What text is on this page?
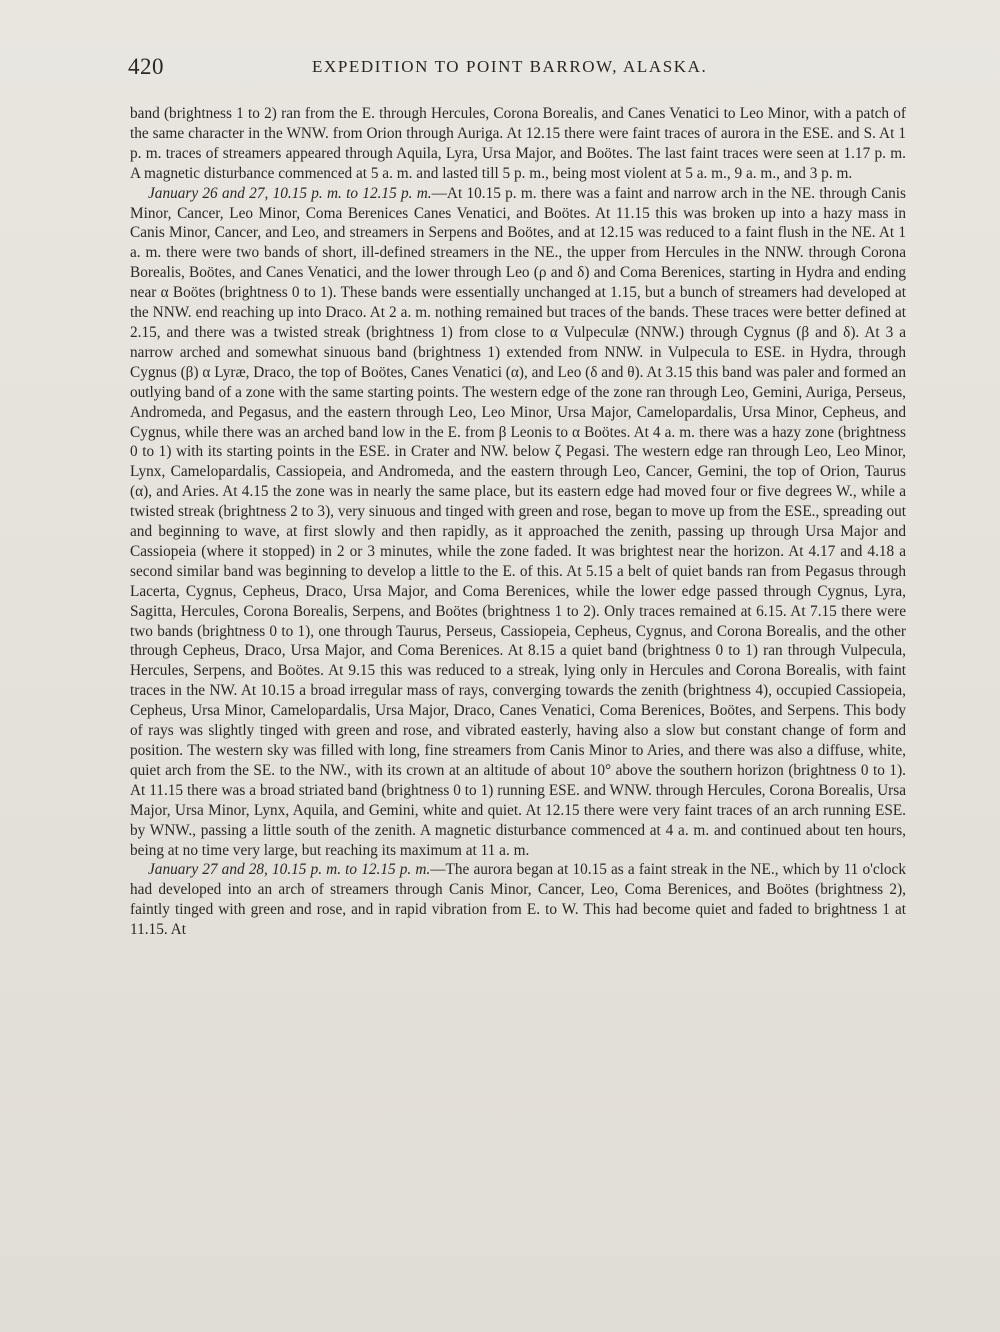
420	EXPEDITION TO POINT BARROW, ALASKA.

band (brightness 1 to 2) ran from the E. through Hercules, Corona Borealis, and Canes Venatici to Leo Minor, with a patch of the same character in the WNW. from Orion through Auriga. At 12.15 there were faint traces of aurora in the ESE. and S. At 1 p. m. traces of streamers appeared through Aquila, Lyra, Ursa Major, and Boötes. The last faint traces were seen at 1.17 p. m. A magnetic disturbance commenced at 5 a. m. and lasted till 5 p. m., being most violent at 5 a. m., 9 a. m., and 3 p. m.

January 26 and 27, 10.15 p. m. to 12.15 p. m.—At 10.15 p. m. there was a faint and narrow arch in the NE. through Canis Minor, Cancer, Leo Minor, Coma Berenices Canes Venatici, and Boötes. At 11.15 this was broken up into a hazy mass in Canis Minor, Cancer, and Leo, and streamers in Serpens and Boötes, and at 12.15 was reduced to a faint flush in the NE. At 1 a. m. there were two bands of short, ill-defined streamers in the NE., the upper from Hercules in the NNW. through Corona Borealis, Boötes, and Canes Venatici, and the lower through Leo (ρ and δ) and Coma Berenices, starting in Hydra and ending near α Boötes (brightness 0 to 1). These bands were essentially unchanged at 1.15, but a bunch of streamers had developed at the NNW. end reaching up into Draco. At 2 a. m. nothing remained but traces of the bands. These traces were better defined at 2.15, and there was a twisted streak (brightness 1) from close to α Vulpeculæ (NNW.) through Cygnus (β and δ). At 3 a narrow arched and somewhat sinuous band (brightness 1) extended from NNW. in Vulpecula to ESE. in Hydra, through Cygnus (β) α Lyræ, Draco, the top of Boötes, Canes Venatici (α), and Leo (δ and θ). At 3.15 this band was paler and formed an outlying band of a zone with the same starting points. The western edge of the zone ran through Leo, Gemini, Auriga, Perseus, Andromeda, and Pegasus, and the eastern through Leo, Leo Minor, Ursa Major, Camelopardalis, Ursa Minor, Cepheus, and Cygnus, while there was an arched band low in the E. from β Leonis to α Boötes. At 4 a. m. there was a hazy zone (brightness 0 to 1) with its starting points in the ESE. in Crater and NW. below ζ Pegasi. The western edge ran through Leo, Leo Minor, Lynx, Camelopardalis, Cassiopeia, and Andromeda, and the eastern through Leo, Cancer, Gemini, the top of Orion, Taurus (α), and Aries. At 4.15 the zone was in nearly the same place, but its eastern edge had moved four or five degrees W., while a twisted streak (brightness 2 to 3), very sinuous and tinged with green and rose, began to move up from the ESE., spreading out and beginning to wave, at first slowly and then rapidly, as it approached the zenith, passing up through Ursa Major and Cassiopeia (where it stopped) in 2 or 3 minutes, while the zone faded. It was brightest near the horizon. At 4.17 and 4.18 a second similar band was beginning to develop a little to the E. of this. At 5.15 a belt of quiet bands ran from Pegasus through Lacerta, Cygnus, Cepheus, Draco, Ursa Major, and Coma Berenices, while the lower edge passed through Cygnus, Lyra, Sagitta, Hercules, Corona Borealis, Serpens, and Boötes (brightness 1 to 2). Only traces remained at 6.15. At 7.15 there were two bands (brightness 0 to 1), one through Taurus, Perseus, Cassiopeia, Cepheus, Cygnus, and Corona Borealis, and the other through Cepheus, Draco, Ursa Major, and Coma Berenices. At 8.15 a quiet band (brightness 0 to 1) ran through Vulpecula, Hercules, Serpens, and Boötes. At 9.15 this was reduced to a streak, lying only in Hercules and Corona Borealis, with faint traces in the NW. At 10.15 a broad irregular mass of rays, converging towards the zenith (brightness 4), occupied Cassiopeia, Cepheus, Ursa Minor, Camelopardalis, Ursa Major, Draco, Canes Venatici, Coma Berenices, Boötes, and Serpens. This body of rays was slightly tinged with green and rose, and vibrated easterly, having also a slow but constant change of form and position. The western sky was filled with long, fine streamers from Canis Minor to Aries, and there was also a diffuse, white, quiet arch from the SE. to the NW., with its crown at an altitude of about 10° above the southern horizon (brightness 0 to 1). At 11.15 there was a broad striated band (brightness 0 to 1) running ESE. and WNW. through Hercules, Corona Borealis, Ursa Major, Ursa Minor, Lynx, Aquila, and Gemini, white and quiet. At 12.15 there were very faint traces of an arch running ESE. by WNW., passing a little south of the zenith. A magnetic disturbance commenced at 4 a. m. and continued about ten hours, being at no time very large, but reaching its maximum at 11 a. m.

January 27 and 28, 10.15 p. m. to 12.15 p. m.—The aurora began at 10.15 as a faint streak in the NE., which by 11 o'clock had developed into an arch of streamers through Canis Minor, Cancer, Leo, Coma Berenices, and Boötes (brightness 2), faintly tinged with green and rose, and in rapid vibration from E. to W. This had become quiet and faded to brightness 1 at 11.15. At
